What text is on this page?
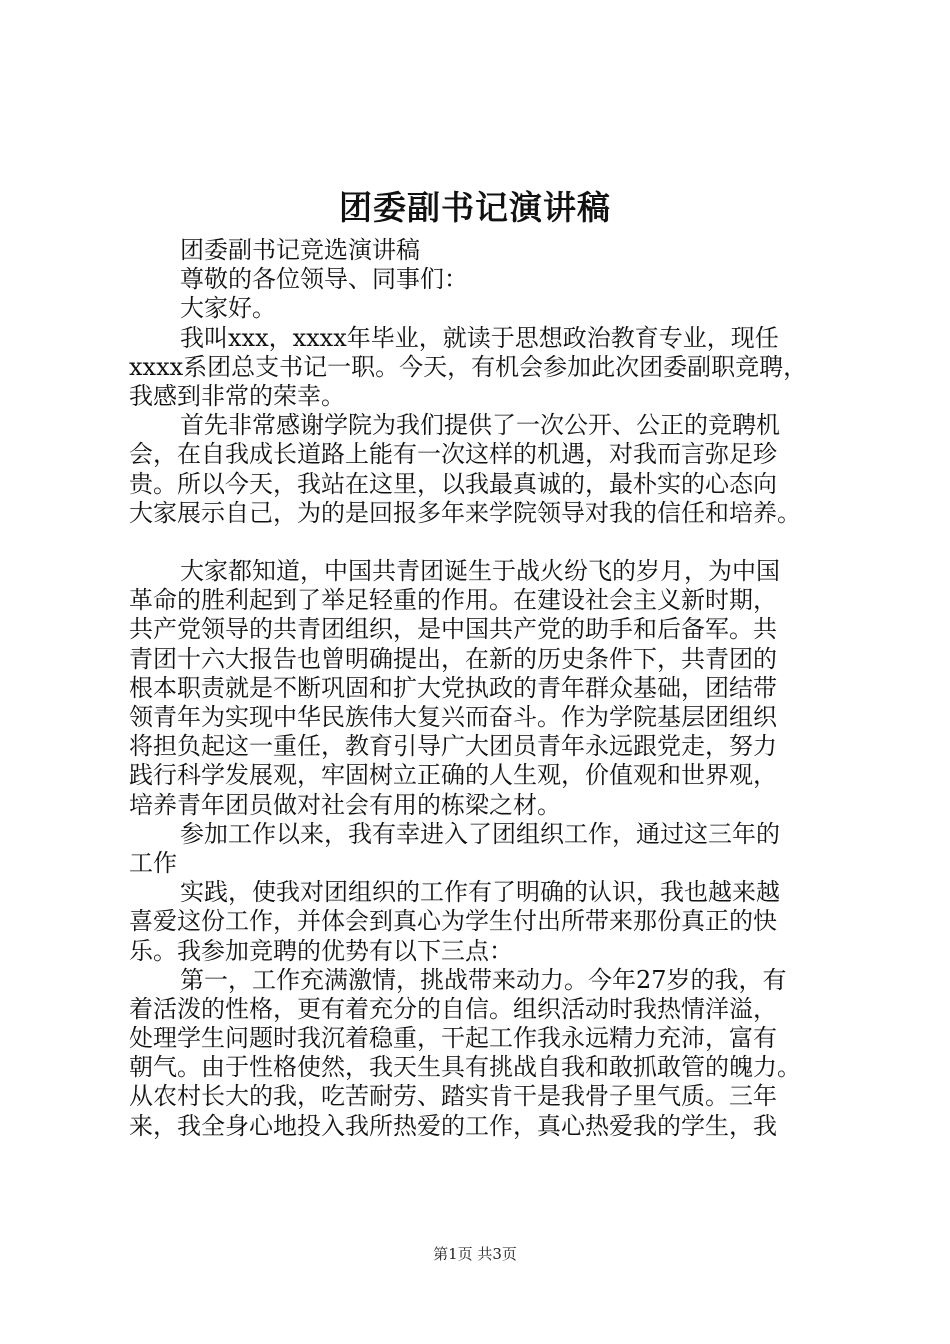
团委副书记演讲稿
团委副书记竞选演讲稿
尊敬的各位领导、同事们：
大家好。
我叫xxx，xxxx年毕业，就读于思想政治教育专业，现任
xxxx系团总支书记一职。今天，有机会参加此次团委副职竞聘，
我感到非常的荣幸。
首先非常感谢学院为我们提供了一次公开、公正的竞聘机
会，在自我成长道路上能有一次这样的机遇，对我而言弥足珍
贵。所以今天，我站在这里，以我最真诚的，最朴实的心态向
大家展示自己，为的是回报多年来学院领导对我的信任和培养。
大家都知道，中国共青团诞生于战火纷飞的岁月，为中国
革命的胜利起到了举足轻重的作用。在建设社会主义新时期，
共产党领导的共青团组织，是中国共产党的助手和后备军。共
青团十六大报告也曾明确提出，在新的历史条件下，共青团的
根本职责就是不断巩固和扩大党执政的青年群众基础，团结带
领青年为实现中华民族伟大复兴而奋斗。作为学院基层团组织
将担负起这一重任，教育引导广大团员青年永远跟党走，努力
践行科学发展观，牢固树立正确的人生观，价值观和世界观，
培养青年团员做对社会有用的栋梁之材。
参加工作以来，我有幸进入了团组织工作，通过这三年的
工作
实践，使我对团组织的工作有了明确的认识，我也越来越
喜爱这份工作，并体会到真心为学生付出所带来那份真正的快
乐。我参加竞聘的优势有以下三点：
第一，工作充满激情，挑战带来动力。今年27岁的我，有
着活泼的性格，更有着充分的自信。组织活动时我热情洋溢，
处理学生问题时我沉着稳重，干起工作我永远精力充沛，富有
朝气。由于性格使然，我天生具有挑战自我和敢抓敢管的魄力。
从农村长大的我，吃苦耐劳、踏实肯干是我骨子里气质。三年
来，我全身心地投入我所热爱的工作，真心热爱我的学生，我
第1页 共3页
